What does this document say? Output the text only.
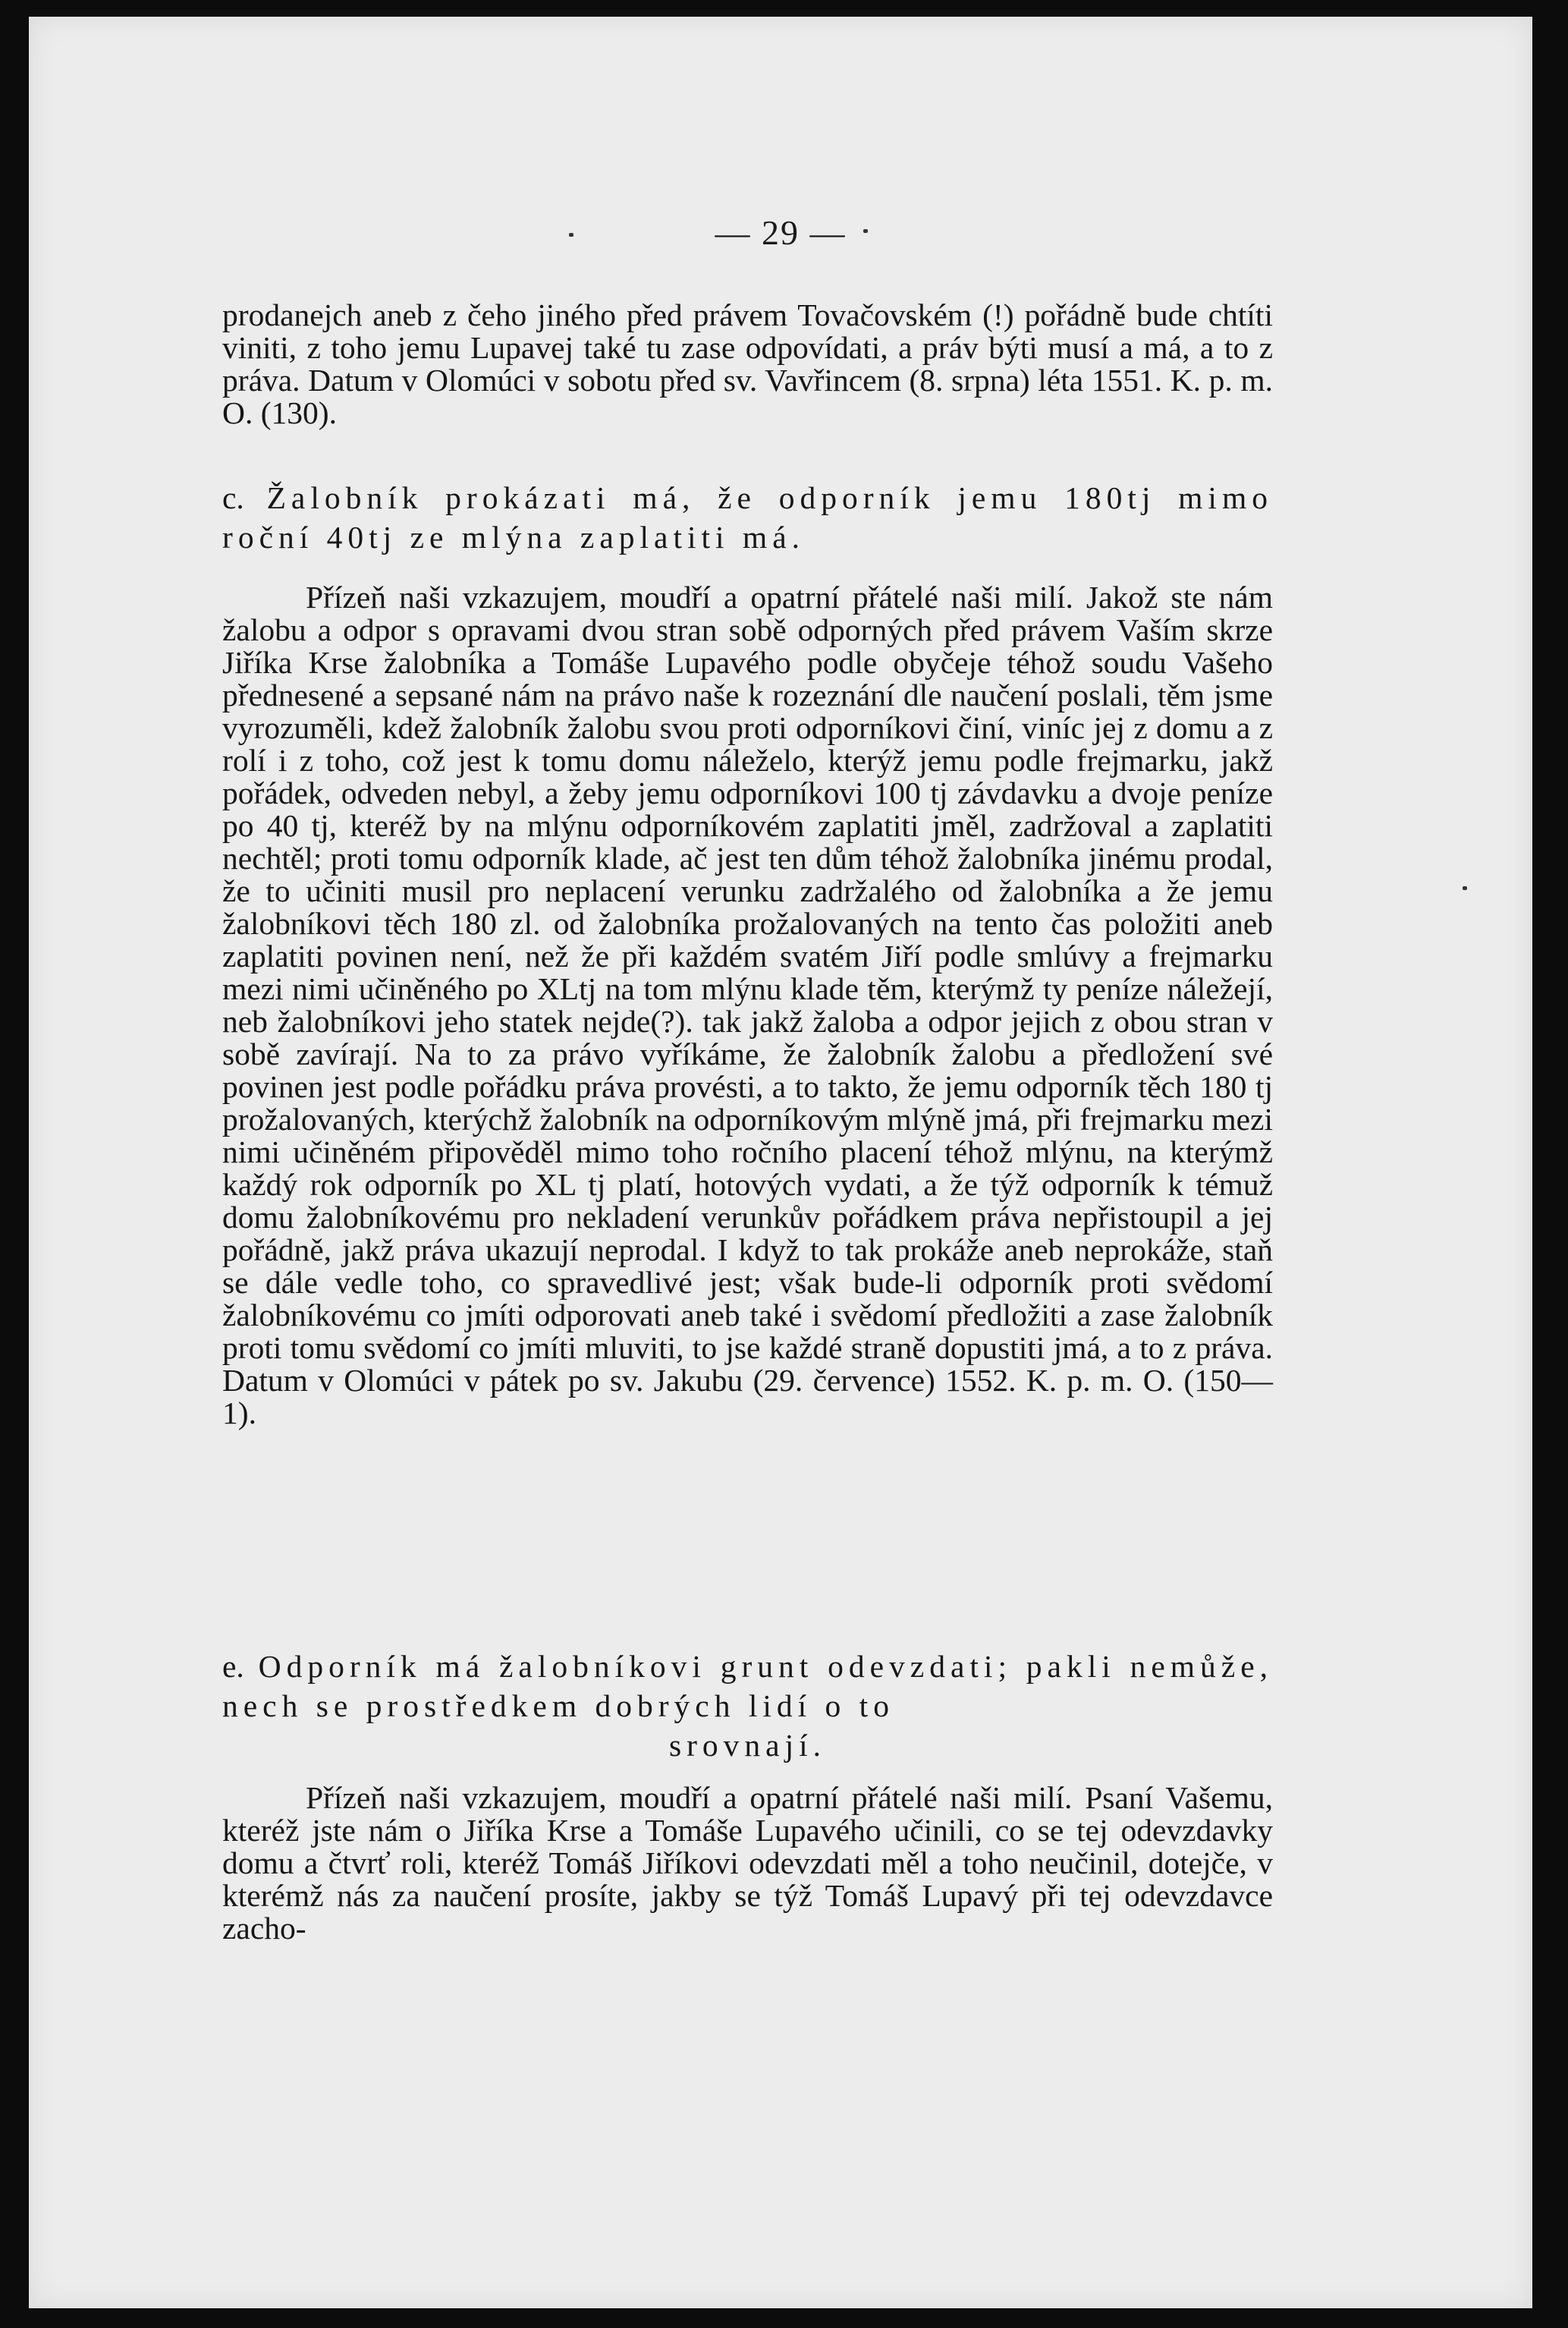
— 29 —

prodanejch aneb z čeho jiného před právem Tovačovském (!) pořádně bude chtíti viniti, z toho jemu Lupavej také tu zase odpovídati, a práv býti musí a má, a to z práva. Datum v Olomúci v sobotu před sv. Vavřincem (8. srpna) léta 1551. K. p. m. O. (130).

c. Žalobník prokázati má, že odporník jemu 180tj mimo roční 40tj ze mlýna zaplatiti má.

Přízeň naši vzkazujem, moudří a opatrní přátelé naši milí. Jakož ste nám žalobu a odpor s opravami dvou stran sobě odporných před právem Vaším skrze Jiříka Krse žalobníka a Tomáše Lupavého podle obyčeje téhož soudu Vašeho přednesené a sepsané nám na právo naše k rozeznání dle naučení poslali, těm jsme vyrozuměli, kdež žalobník žalobu svou proti odporníkovi činí, viníc jej z domu a z rolí i z toho, což jest k tomu domu náleželo, kterýž jemu podle frejmarku, jakž pořádek, odveden nebyl, a žeby jemu odporníkovi 100 tj závdavku a dvoje peníze po 40 tj, kteréž by na mlýnu odporníkovém zaplatiti jměl, zadržoval a zaplatiti nechtěl; proti tomu odporník klade, ač jest ten dům téhož žalobníka jinému prodal, že to učiniti musil pro neplacení verunku zadržalého od žalobníka a že jemu žalobníkovi těch 180 zl. od žalobníka prožalovaných na tento čas položiti aneb zaplatiti povinen není, než že při každém svatém Jiří podle smlúvy a frejmarku mezi nimi učiněného po XLtj na tom mlýnu klade těm, kterýmž ty peníze náležejí, neb žalobníkovi jeho statek nejde(?). tak jakž žaloba a odpor jejich z obou stran v sobě zavírají. Na to za právo vyříkáme, že žalobník žalobu a předložení své povinen jest podle pořádku práva provésti, a to takto, že jemu odporník těch 180 tj prožalovaných, kterýchž žalobník na odporníkovým mlýně jmá, při frejmarku mezi nimi učiněném připověděl mimo toho ročního placení téhož mlýnu, na kterýmž každý rok odporník po XL tj platí, hotových vydati, a že týž odporník k témuž domu žalobníkovému pro nekladení verunkův pořádkem práva nepřistoupil a jej pořádně, jakž práva ukazují neprodal. I když to tak prokáže aneb neprokáže, staň se dále vedle toho, co spravedlivé jest; však bude-li odporník proti svědomí žalobníkovému co jmíti odporovati aneb také i svědomí předložiti a zase žalobník proti tomu svědomí co jmíti mluviti, to jse každé straně dopustiti jmá, a to z práva. Datum v Olomúci v pátek po sv. Jakubu (29. července) 1552. K. p. m. O. (150—1).

e. Odporník má žalobníkovi grunt odevzdati; pakli nemůže, nech se prostředkem dobrých lidí o to

srovnají.

Přízeň naši vzkazujem, moudří a opatrní přátelé naši milí. Psaní Vašemu, kteréž jste nám o Jiříka Krse a Tomáše Lupavého učinili, co se tej odevzdavky domu a čtvrť roli, kteréž Tomáš Jiříkovi odevzdati měl a toho neučinil, dotejče, v kterémž nás za naučení prosíte, jakby se týž Tomáš Lupavý při tej odevzdavce zacho-
